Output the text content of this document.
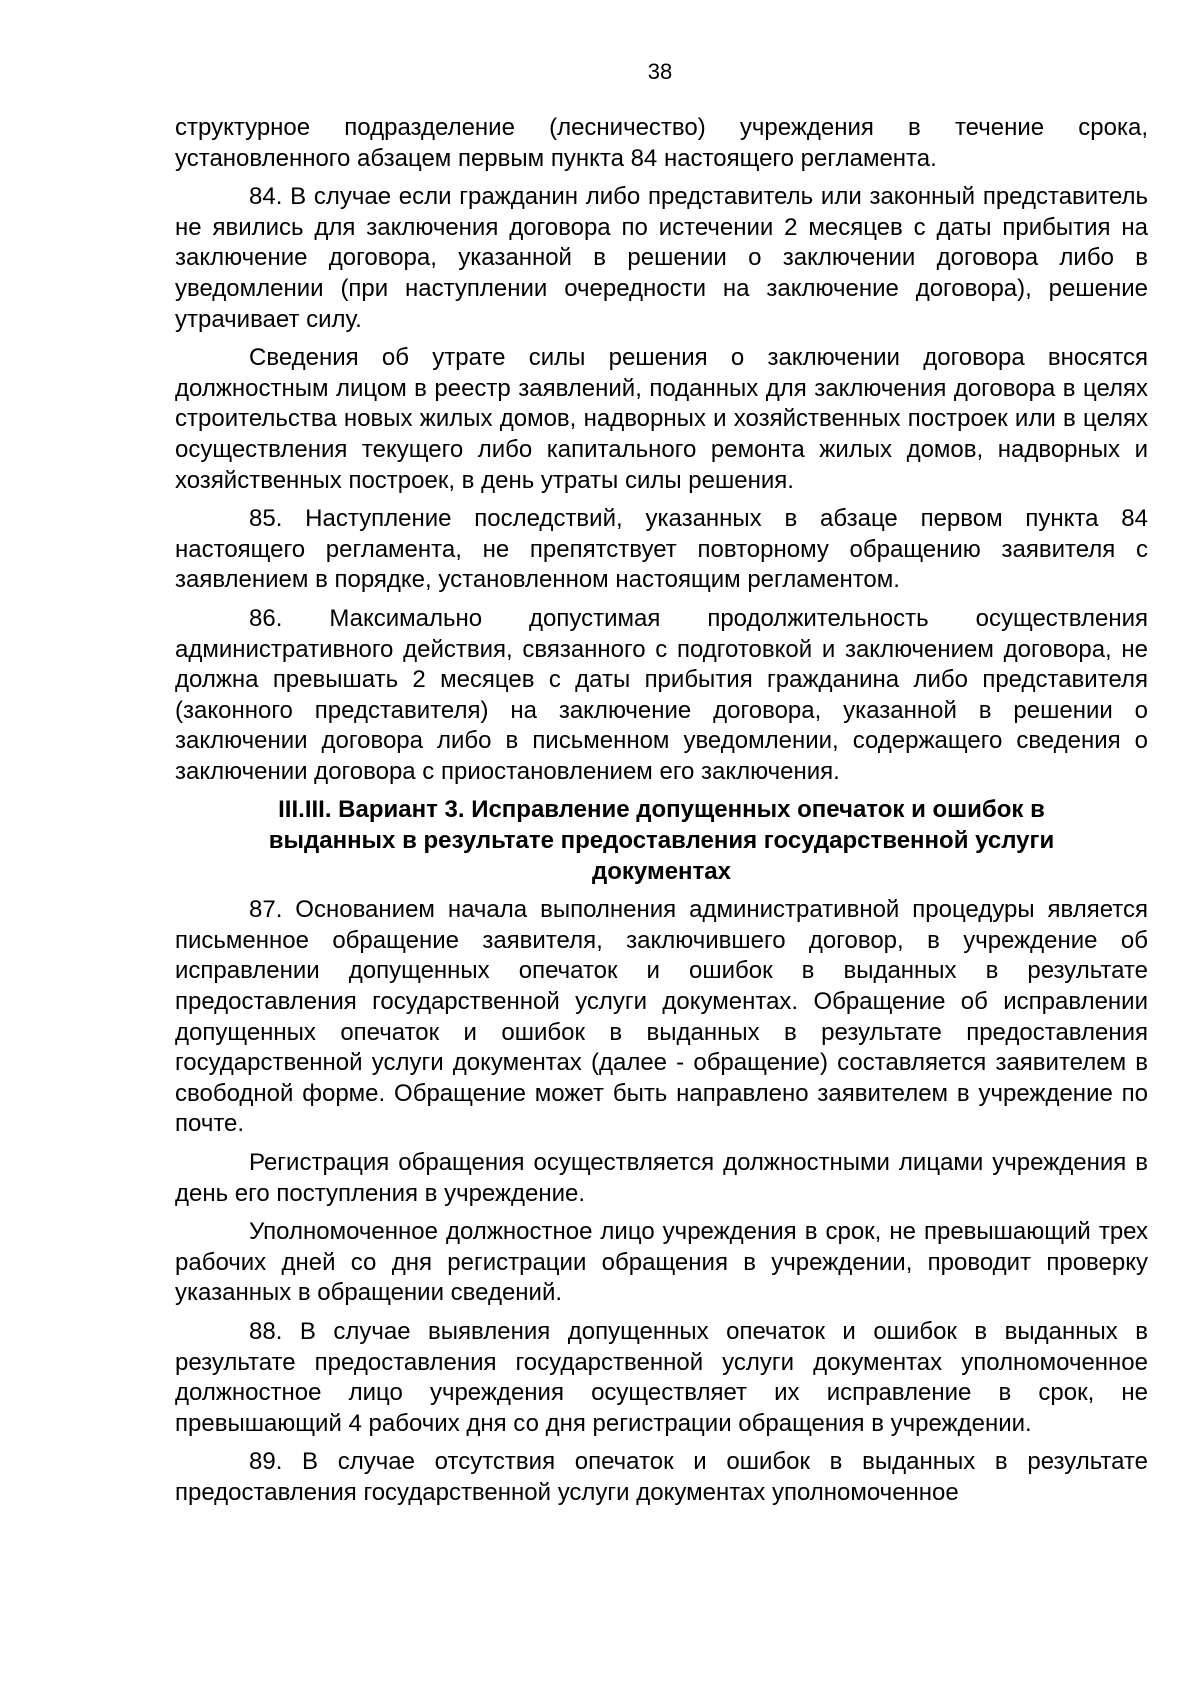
38

структурное подразделение (лесничество) учреждения в течение срока, установленного абзацем первым пункта 84 настоящего регламента.

84. В случае если гражданин либо представитель или законный представитель не явились для заключения договора по истечении 2 месяцев с даты прибытия на заключение договора, указанной в решении о заключении договора либо в уведомлении (при наступлении очередности на заключение договора), решение утрачивает силу.

Сведения об утрате силы решения о заключении договора вносятся должностным лицом в реестр заявлений, поданных для заключения договора в целях строительства новых жилых домов, надворных и хозяйственных построек или в целях осуществления текущего либо капитального ремонта жилых домов, надворных и хозяйственных построек, в день утраты силы решения.

85. Наступление последствий, указанных в абзаце первом пункта 84 настоящего регламента, не препятствует повторному обращению заявителя с заявлением в порядке, установленном настоящим регламентом.

86. Максимально допустимая продолжительность осуществления административного действия, связанного с подготовкой и заключением договора, не должна превышать 2 месяцев с даты прибытия гражданина либо представителя (законного представителя) на заключение договора, указанной в решении о заключении договора либо в письменном уведомлении, содержащего сведения о заключении договора с приостановлением его заключения.

III.III. Вариант 3. Исправление допущенных опечаток и ошибок в
выданных в результате предоставления государственной услуги
документах

87. Основанием начала выполнения административной процедуры является письменное обращение заявителя, заключившего договор, в учреждение об исправлении допущенных опечаток и ошибок в выданных в результате предоставления государственной услуги документах. Обращение об исправлении допущенных опечаток и ошибок в выданных в результате предоставления государственной услуги документах (далее - обращение) составляется заявителем в свободной форме. Обращение может быть направлено заявителем в учреждение по почте.

Регистрация обращения осуществляется должностными лицами учреждения в день его поступления в учреждение.

Уполномоченное должностное лицо учреждения в срок, не превышающий трех рабочих дней со дня регистрации обращения в учреждении, проводит проверку указанных в обращении сведений.

88. В случае выявления допущенных опечаток и ошибок в выданных в результате предоставления государственной услуги документах уполномоченное должностное лицо учреждения осуществляет их исправление в срок, не превышающий 4 рабочих дня со дня регистрации обращения в учреждении.

89. В случае отсутствия опечаток и ошибок в выданных в результате предоставления государственной услуги документах уполномоченное
